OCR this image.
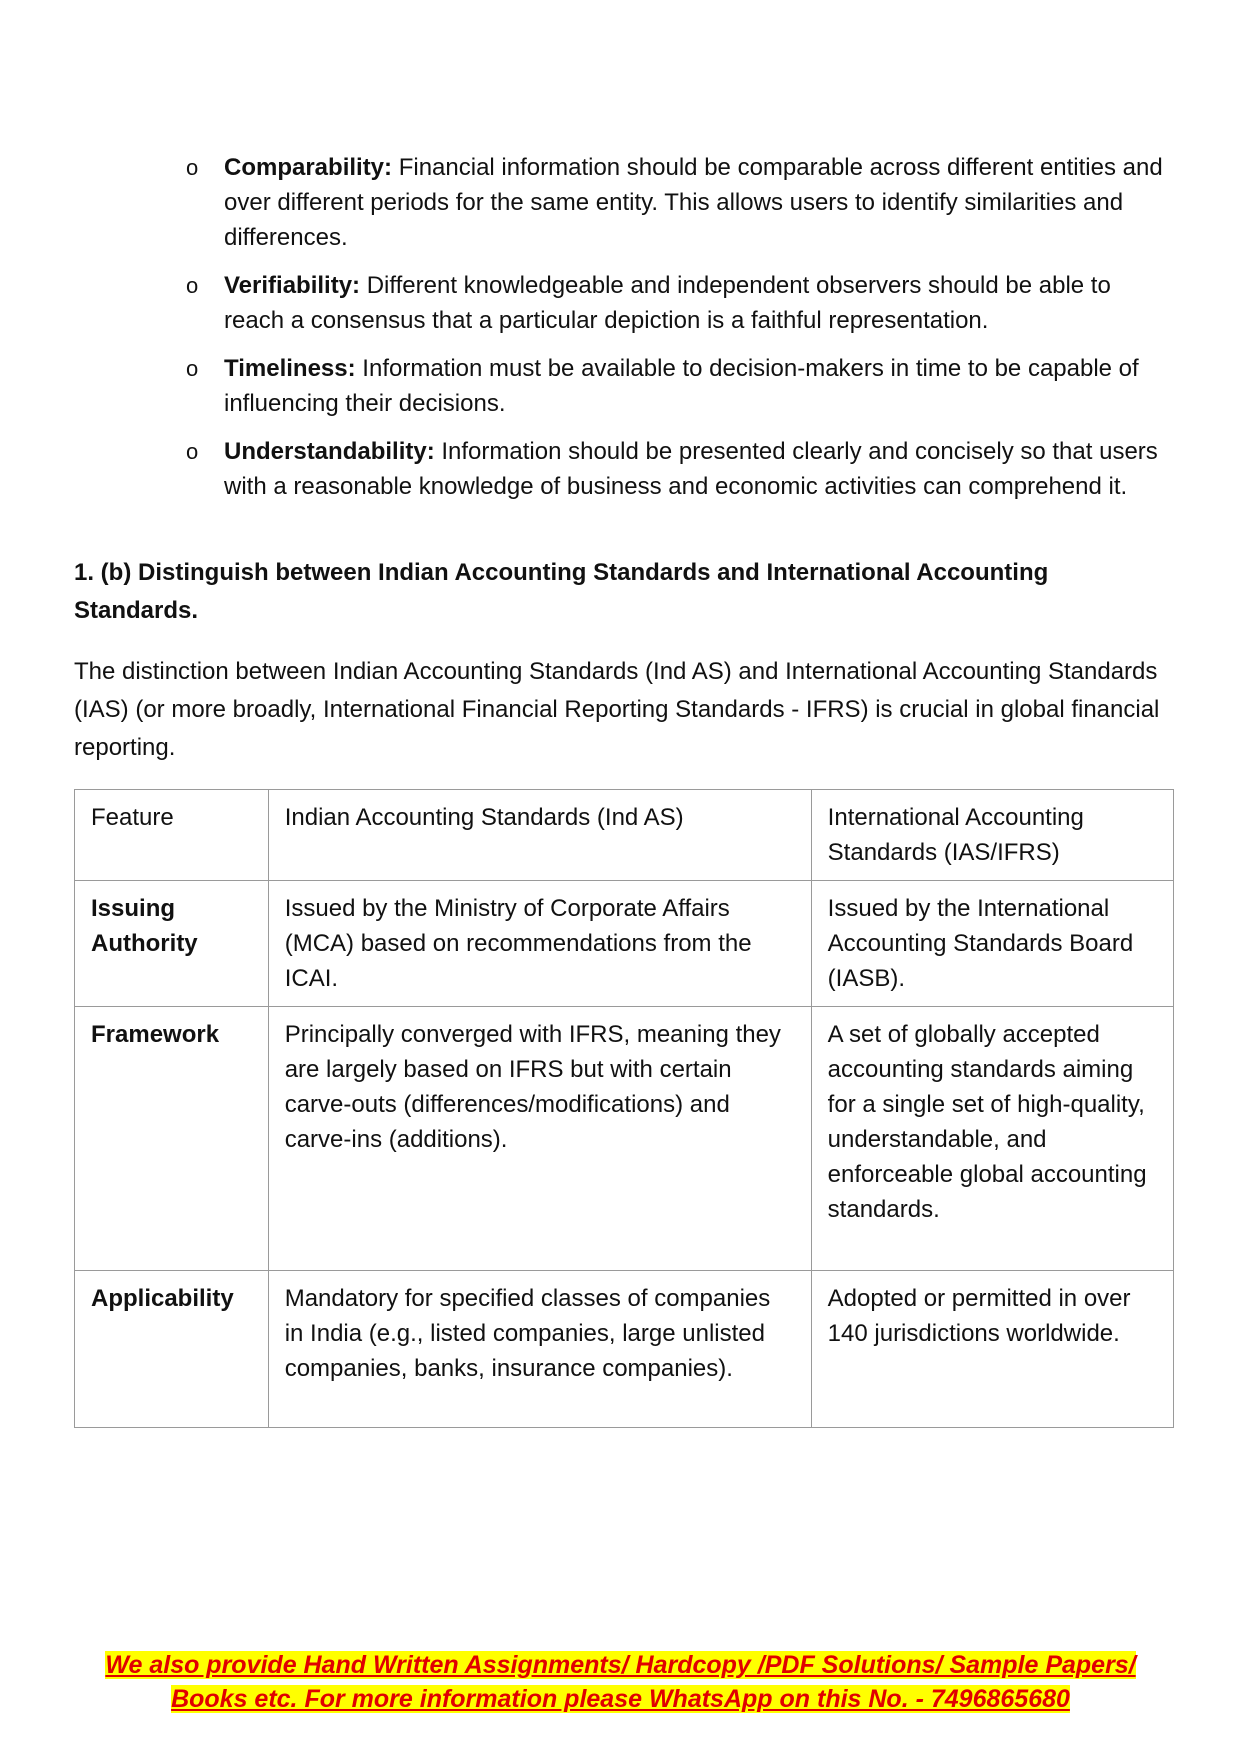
o Comparability: Financial information should be comparable across different entities and over different periods for the same entity. This allows users to identify similarities and differences.
o Verifiability: Different knowledgeable and independent observers should be able to reach a consensus that a particular depiction is a faithful representation.
o Timeliness: Information must be available to decision-makers in time to be capable of influencing their decisions.
o Understandability: Information should be presented clearly and concisely so that users with a reasonable knowledge of business and economic activities can comprehend it.

1. (b) Distinguish between Indian Accounting Standards and International Accounting Standards.

The distinction between Indian Accounting Standards (Ind AS) and International Accounting Standards (IAS) (or more broadly, International Financial Reporting Standards - IFRS) is crucial in global financial reporting.

Feature	Indian Accounting Standards (Ind AS)	International Accounting Standards (IAS/IFRS)
Issuing Authority	Issued by the Ministry of Corporate Affairs (MCA) based on recommendations from the ICAI.	Issued by the International Accounting Standards Board (IASB).
Framework	Principally converged with IFRS, meaning they are largely based on IFRS but with certain carve-outs (differences/modifications) and carve-ins (additions).	A set of globally accepted accounting standards aiming for a single set of high-quality, understandable, and enforceable global accounting standards.
Applicability	Mandatory for specified classes of companies in India (e.g., listed companies, large unlisted companies, banks, insurance companies).	Adopted or permitted in over 140 jurisdictions worldwide.
We also provide Hand Written Assignments/ Hardcopy /PDF Solutions/ Sample Papers/
Books etc. For more information please WhatsApp on this No. - 7496865680
